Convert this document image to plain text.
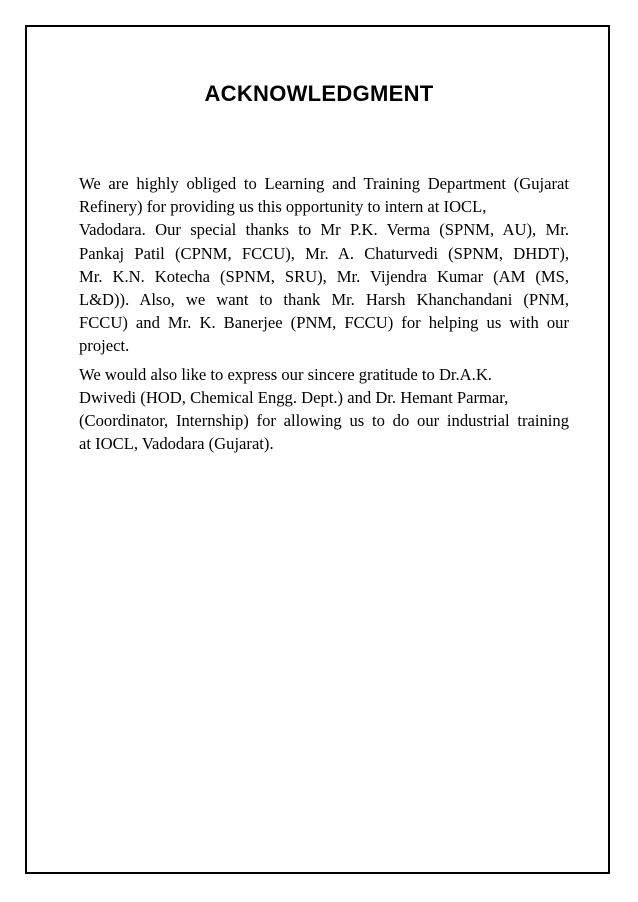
ACKNOWLEDGMENT
We are highly obliged to Learning and Training Department (Gujarat
Refinery) for providing us this opportunity to intern at IOCL,
Vadodara. Our special thanks to Mr P.K. Verma (SPNM, AU), Mr.
Pankaj Patil (CPNM, FCCU), Mr. A. Chaturvedi (SPNM, DHDT),
Mr. K.N. Kotecha (SPNM, SRU), Mr. Vijendra Kumar (AM (MS,
L&D)). Also, we want to thank Mr. Harsh Khanchandani (PNM,
FCCU) and Mr. K. Banerjee (PNM, FCCU) for helping us with our
project.
We would also like to express our sincere gratitude to Dr.A.K.
Dwivedi (HOD, Chemical Engg. Dept.) and Dr. Hemant Parmar,
(Coordinator, Internship) for allowing us to do our industrial training
at IOCL, Vadodara (Gujarat).
